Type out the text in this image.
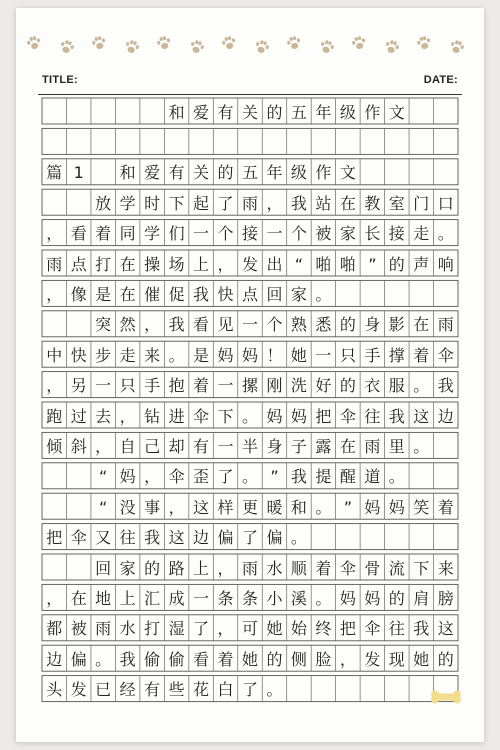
TITLE:	DATE:
和 爱 有 关 的 五 年 级 作 文
篇 1	和 爱 有 关 的 五 年 级 作 文
放 学 时 下 起 了 雨 ， 我 站 在 教 室 门 口
， 看 着 同 学 们 一 个 接 一 个 被 家 长 接 走 。
雨 点 打 在 操 场 上 ， 发 出 “ 啪 啪 ” 的 声 响
， 像 是 在 催 促 我 快 点 回 家 。
突 然 ， 我 看 见 一 个 熟 悉 的 身 影 在 雨
中 快 步 走 来 。 是 妈 妈 ！ 她 一 只 手 撑 着 伞
， 另 一 只 手 抱 着 一 摞 刚 洗 好 的 衣 服 。 我
跑 过 去 ， 钻 进 伞 下 。 妈 妈 把 伞 往 我 这 边
倾 斜 ， 自 己 却 有 一 半 身 子 露 在 雨 里 。
“ 妈 ， 伞 歪 了 。 ” 我 提 醒 道 。
“ 没 事 ， 这 样 更 暖 和 。 ” 妈 妈 笑 着
把 伞 又 往 我 这 边 偏 了 偏 。
回 家 的 路 上 ， 雨 水 顺 着 伞 骨 流 下 来
， 在 地 上 汇 成 一 条 条 小 溪 。 妈 妈 的 肩 膀
都 被 雨 水 打 湿 了 ， 可 她 始 终 把 伞 往 我 这
边 偏 。 我 偷 偷 看 着 她 的 侧 脸 ， 发 现 她 的
头 发 已 经 有 些 花 白 了 。
